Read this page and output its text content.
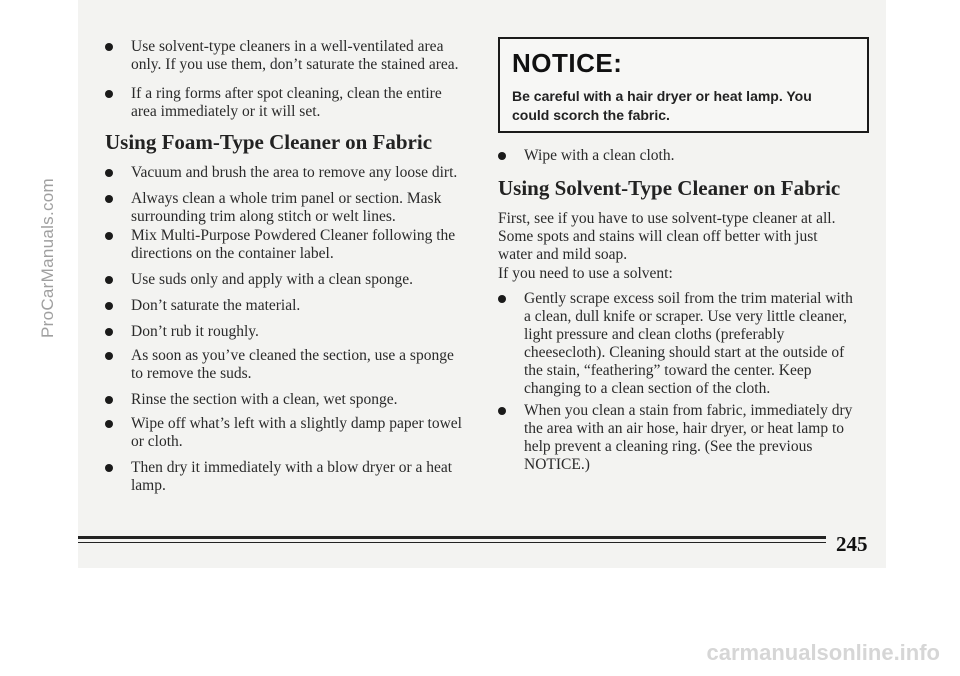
Use solvent-type cleaners in a well-ventilated area
only. If you use them, don’t saturate the stained area.
If a ring forms after spot cleaning, clean the entire
area immediately or it will set.
Using Foam-Type Cleaner on Fabric
Vacuum and brush the area to remove any loose dirt.
Always clean a whole trim panel or section. Mask
surrounding trim along stitch or welt lines.
Mix Multi-Purpose Powdered Cleaner following the
directions on the container label.
Use suds only and apply with a clean sponge.
Don’t saturate the material.
Don’t rub it roughly.
As soon as you’ve cleaned the section, use a sponge
to remove the suds.
Rinse the section with a clean, wet sponge.
Wipe off what’s left with a slightly damp paper towel
or cloth.
Then dry it immediately with a blow dryer or a heat
lamp.
NOTICE:
Be careful with a hair dryer or heat lamp. You
could scorch the fabric.
Wipe with a clean cloth.
Using Solvent-Type Cleaner on Fabric
First, see if you have to use solvent-type cleaner at all.
Some spots and stains will clean off better with just
water and mild soap.
If you need to use a solvent:
Gently scrape excess soil from the trim material with
a clean, dull knife or scraper. Use very little cleaner,
light pressure and clean cloths (preferably
cheesecloth). Cleaning should start at the outside of
the stain, “feathering” toward the center. Keep
changing to a clean section of the cloth.
When you clean a stain from fabric, immediately dry
the area with an air hose, hair dryer, or heat lamp to
help prevent a cleaning ring. (See the previous
NOTICE.)
245
ProCarManuals.com
carmanualsonline.info
